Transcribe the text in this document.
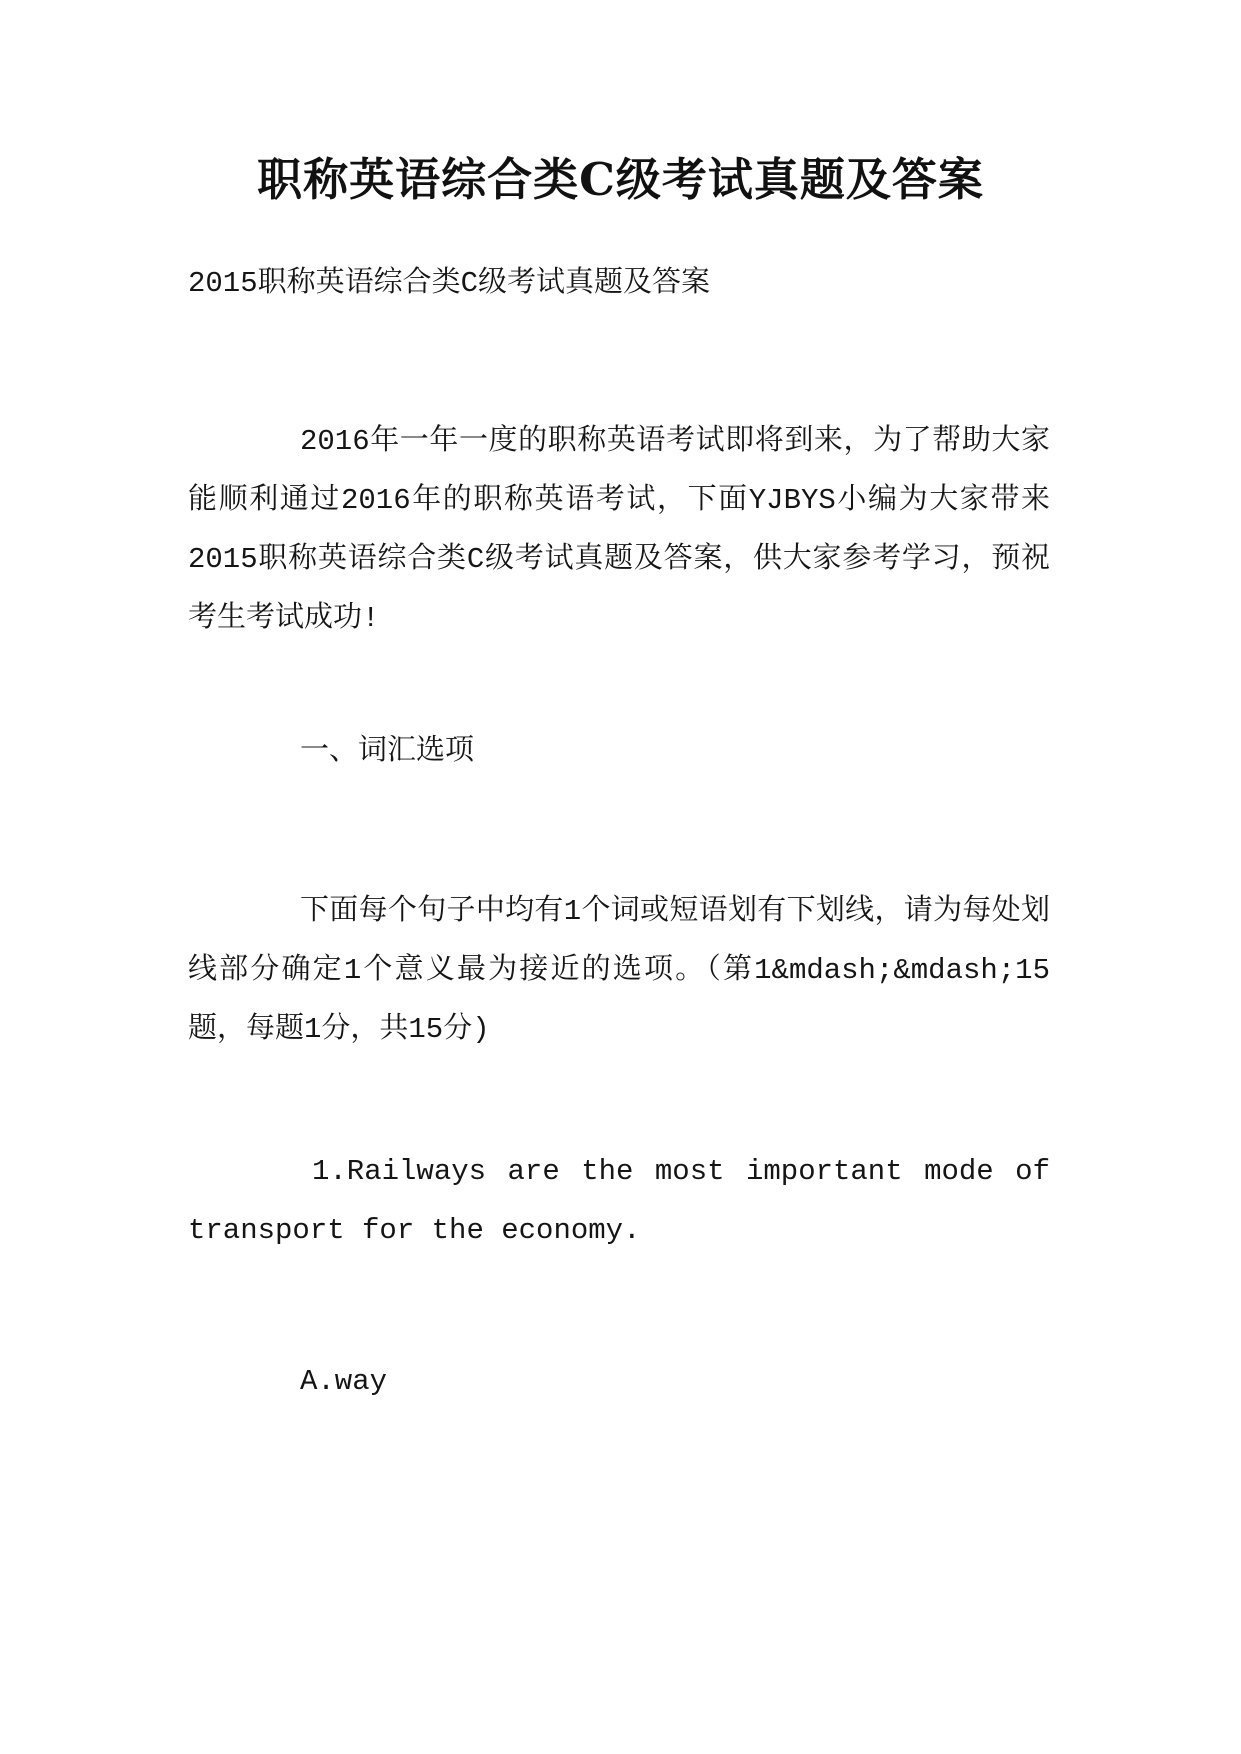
职称英语综合类C级考试真题及答案
2015职称英语综合类C级考试真题及答案
2016年一年一度的职称英语考试即将到来，为了帮助大家能顺利通过2016年的职称英语考试，下面YJBYS小编为大家带来2015职称英语综合类C级考试真题及答案，供大家参考学习，预祝考生考试成功!
一、词汇选项
下面每个句子中均有1个词或短语划有下划线，请为每处划线部分确定1个意义最为接近的选项。（第1&mdash;&mdash;15题，每题1分，共15分)
1.Railways are the most important mode of transport for the economy.
A.way
